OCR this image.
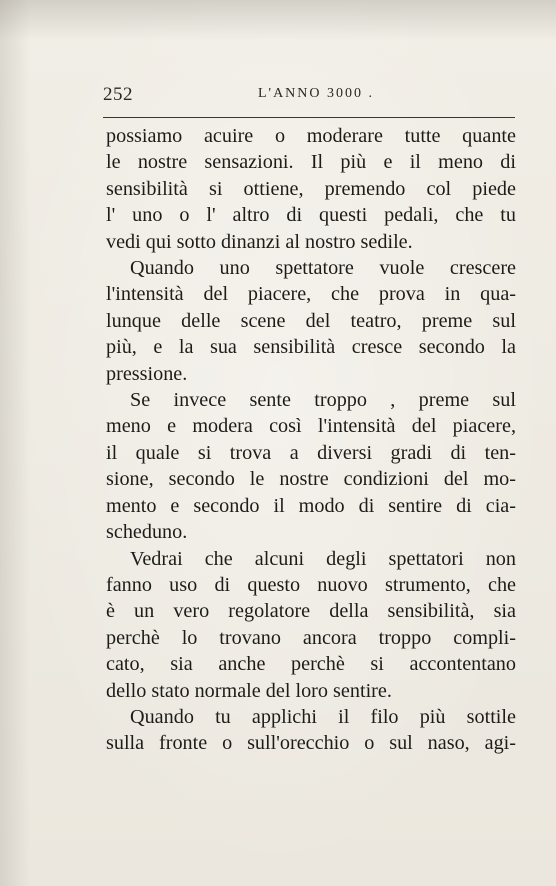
252	L'ANNO 3000 .
possiamo acuire o moderare tutte quante
le nostre sensazioni. Il più e il meno di
sensibilità si ottiene, premendo col piede
l' uno o l' altro di questi pedali, che tu
vedi qui sotto dinanzi al nostro sedile.
Quando uno spettatore vuole crescere
l'intensità del piacere, che prova in qua-
lunque delle scene del teatro, preme sul
più, e la sua sensibilità cresce secondo la
pressione.
Se invece sente troppo , preme sul
meno e modera così l'intensità del piacere,
il quale si trova a diversi gradi di ten-
sione, secondo le nostre condizioni del mo-
mento e secondo il modo di sentire di cia-
scheduno.
Vedrai che alcuni degli spettatori non
fanno uso di questo nuovo strumento, che
è un vero regolatore della sensibilità, sia
perchè lo trovano ancora troppo compli-
cato, sia anche perchè si accontentano
dello stato normale del loro sentire.
Quando tu applichi il filo più sottile
sulla fronte o sull'orecchio o sul naso, agi-
